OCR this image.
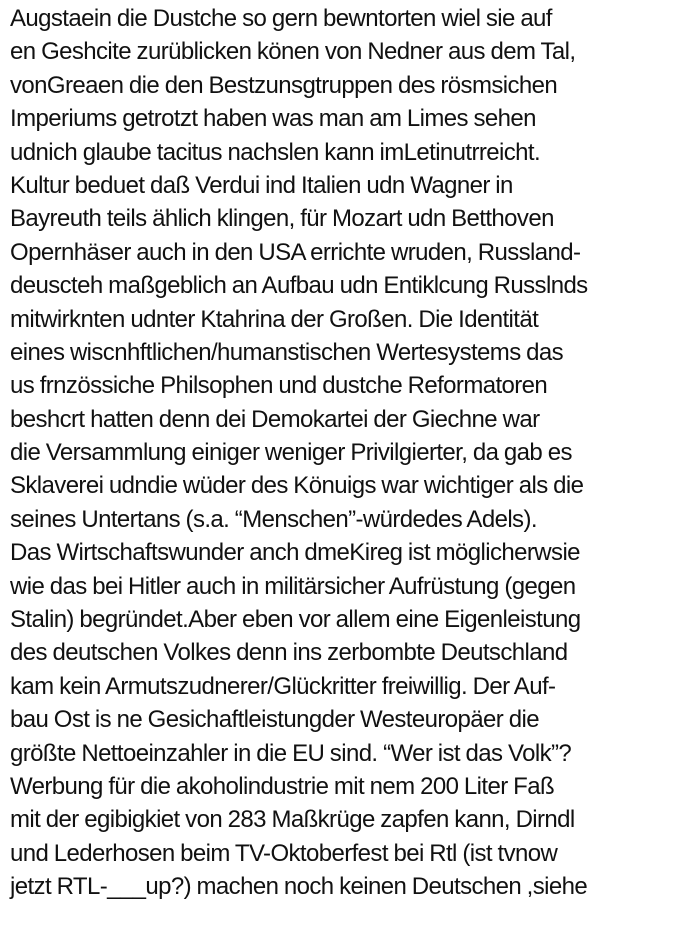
Augstaein die Dustche so gern bewntorten wiel sie auf
en Geshcite zurüblicken könen von Nedner aus dem Tal,
vonGreaen die den Bestzunsgtruppen des rösmsichen
Imperiums getrotzt haben was man am Limes sehen
udnich glaube tacitus nachslen kann imLetinutrreicht.
Kultur beduet daß Verdui ind Italien udn Wagner in
Bayreuth teils ählich klingen, für Mozart udn Betthoven
Opernhäser auch in den USA errichte wruden, Russland-
deuscteh maßgeblich an Aufbau udn Entiklcung Russlnds
mitwirknten udnter Ktahrina der Großen. Die Identität
eines wiscnhftlichen/humanstischen Wertesystems das
us frnzössiche Philsophen und dustche Reformatoren
beshcrt hatten denn dei Demokartei der Giechne war
die Versammlung einiger weniger Privilgierter, da gab es
Sklaverei udndie wüder des Könuigs war wichtiger als die
seines Untertans (s.a. “Menschen”-würdedes Adels).
Das Wirtschaftswunder anch dmeKireg ist möglicherwsie
wie das bei Hitler auch in militärsicher Aufrüstung (gegen
Stalin) begründet.Aber eben vor allem eine Eigenleistung
des deutschen Volkes denn ins zerbombte Deutschland
kam kein Armutszudnerer/Glückritter freiwillig. Der Auf-
bau Ost is ne Gesichaftleistungder Westeuropäer die
größte Nettoeinzahler in die EU sind. “Wer ist das Volk”?
Werbung für die akoholindustrie mit nem 200 Liter Faß
mit der egibigkiet von 283 Maßkrüge zapfen kann, Dirndl
und Lederhosen beim TV-Oktoberfest bei Rtl (ist tvnow
jetzt RTL-___up?) machen noch keinen Deutschen ,siehe
